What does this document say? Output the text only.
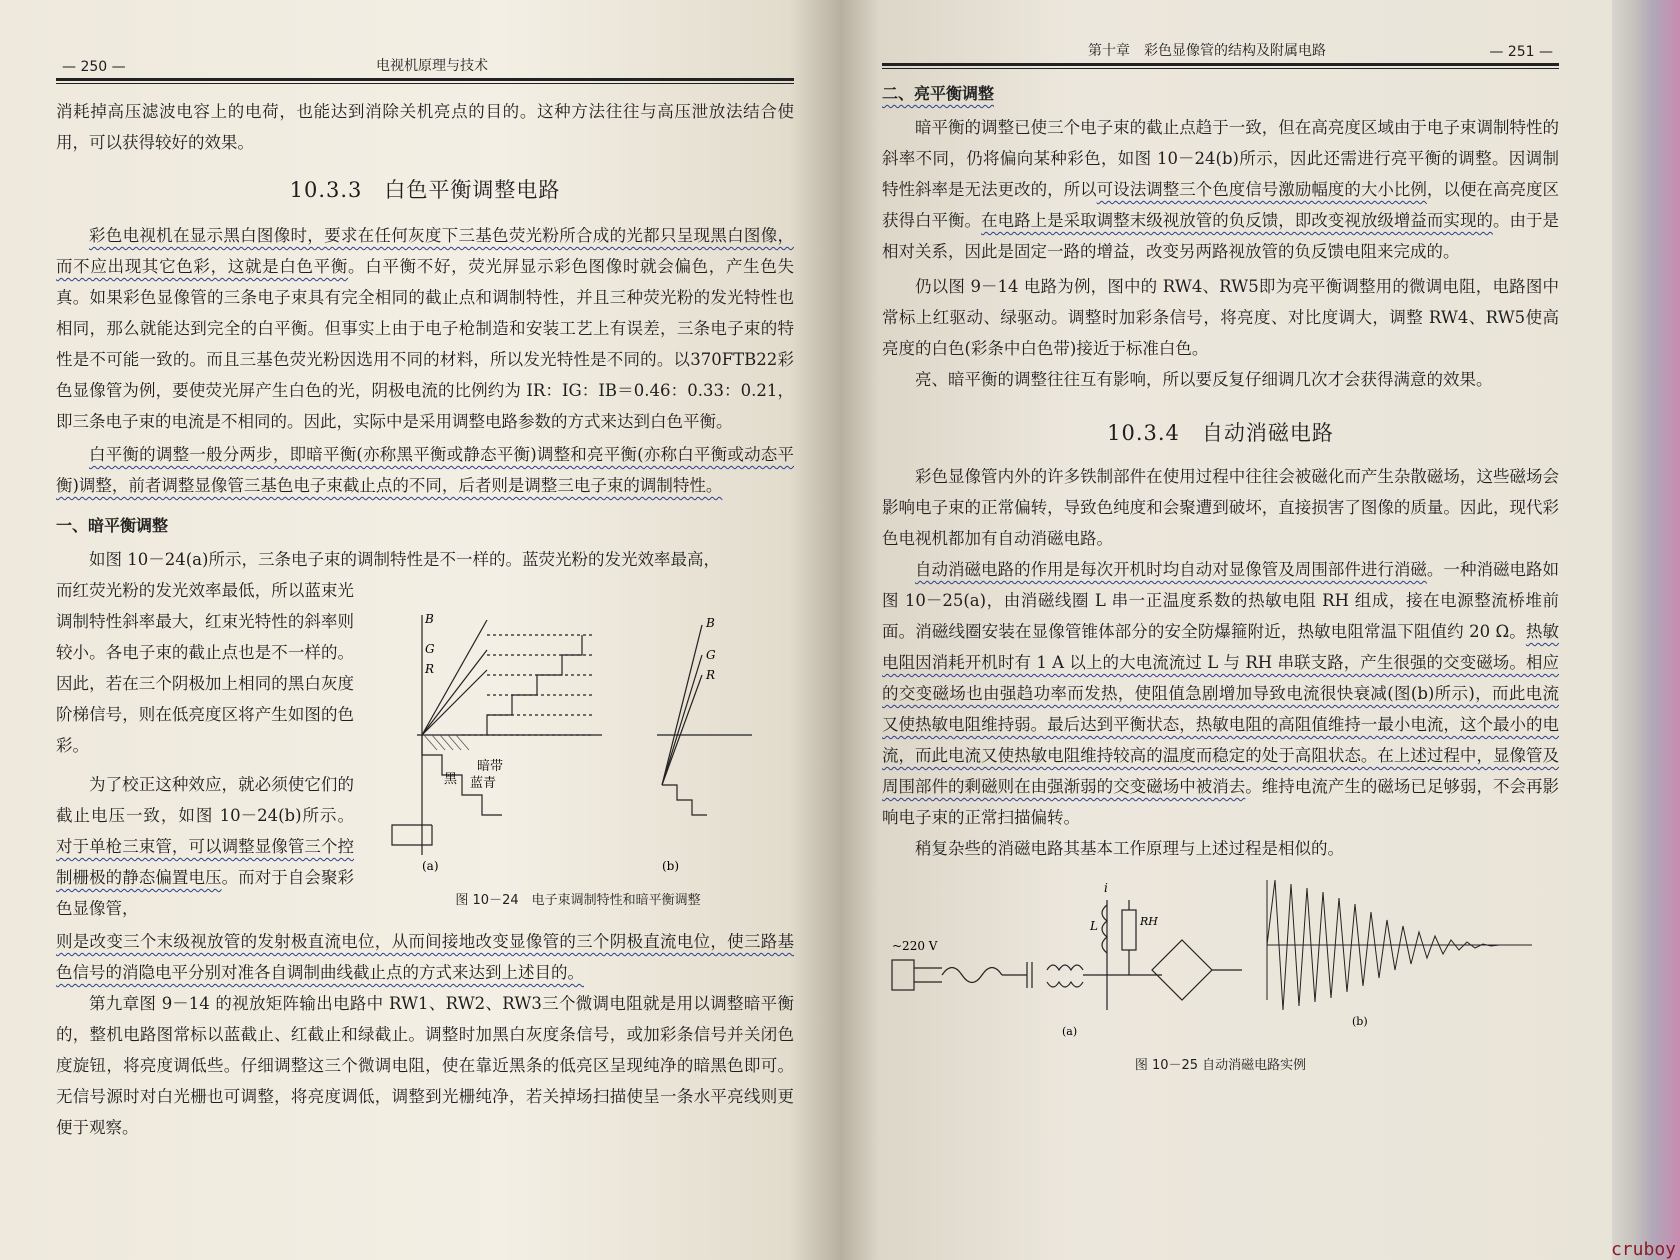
— 250 —	电视机原理与技术

消耗掉高压滤波电容上的电荷，也能达到消除关机亮点的目的。这种方法往往与高压泄放法结合使用，可以获得较好的效果。

10.3.3　白色平衡调整电路

彩色电视机在显示黑白图像时，要求在任何灰度下三基色荧光粉所合成的光都只呈现黑白图像，而不应出现其它色彩，这就是白色平衡。白平衡不好，荧光屏显示彩色图像时就会偏色，产生色失真。如果彩色显像管的三条电子束具有完全相同的截止点和调制特性，并且三种荧光粉的发光特性也相同，那么就能达到完全的白平衡。但事实上由于电子枪制造和安装工艺上有误差，三条电子束的特性是不可能一致的。而且三基色荧光粉因选用不同的材料，所以发光特性是不同的。以370FTB22彩色显像管为例，要使荧光屏产生白色的光，阴极电流的比例约为 IR：IG：IB＝0.46：0.33：0.21，即三条电子束的电流是不相同的。因此，实际中是采用调整电路参数的方式来达到白色平衡。

白平衡的调整一般分两步，即暗平衡(亦称黑平衡或静态平衡)调整和亮平衡(亦称白平衡或动态平衡)调整，前者调整显像管三基色电子束截止点的不同，后者则是调整三电子束的调制特性。

一、暗平衡调整

如图 10－24(a)所示，三条电子束的调制特性是不一样的。蓝荧光粉的发光效率最高，

而红荧光粉的发光效率最低，所以蓝束光调制特性斜率最大，红束光特性的斜率则较小。各电子束的截止点也是不一样的。因此，若在三个阴极加上相同的黑白灰度阶梯信号，则在低亮度区将产生如图的色彩。

为了校正这种效应，就必须使它们的截止电压一致，如图 10－24(b)所示。对于单枪三束管，可以调整显像管三个控制栅极的静态偏置电压。而对于自会聚彩色显像管，

B
G
R
暗带
黑 蓝青
B
G
R
(a)	(b)
图 10－24　电子束调制特性和暗平衡调整

则是改变三个末级视放管的发射极直流电位，从而间接地改变显像管的三个阴极直流电位，使三路基色信号的消隐电平分别对准各自调制曲线截止点的方式来达到上述目的。

第九章图 9－14 的视放矩阵输出电路中 RW1、RW2、RW3三个微调电阻就是用以调整暗平衡的，整机电路图常标以蓝截止、红截止和绿截止。调整时加黑白灰度条信号，或加彩条信号并关闭色度旋钮，将亮度调低些。仔细调整这三个微调电阻，使在靠近黑条的低亮区呈现纯净的暗黑色即可。无信号源时对白光栅也可调整，将亮度调低，调整到光栅纯净，若关掉场扫描使呈一条水平亮线则更便于观察。

第十章　彩色显像管的结构及附属电路	— 251 —
二、亮平衡调整

暗平衡的调整已使三个电子束的截止点趋于一致，但在高亮度区域由于电子束调制特性的斜率不同，仍将偏向某种彩色，如图 10－24(b)所示，因此还需进行亮平衡的调整。因调制特性斜率是无法更改的，所以可设法调整三个色度信号激励幅度的大小比例，以便在高亮度区获得白平衡。在电路上是采取调整末级视放管的负反馈，即改变视放级增益而实现的。由于是相对关系，因此是固定一路的增益，改变另两路视放管的负反馈电阻来完成的。

仍以图 9－14 电路为例，图中的 RW4、RW5即为亮平衡调整用的微调电阻，电路图中常标上红驱动、绿驱动。调整时加彩条信号，将亮度、对比度调大，调整 RW4、RW5使高亮度的白色(彩条中白色带)接近于标准白色。

亮、暗平衡的调整往往互有影响，所以要反复仔细调几次才会获得满意的效果。

10.3.4　自动消磁电路

彩色显像管内外的许多铁制部件在使用过程中往往会被磁化而产生杂散磁场，这些磁场会影响电子束的正常偏转，导致色纯度和会聚遭到破坏，直接损害了图像的质量。因此，现代彩色电视机都加有自动消磁电路。

自动消磁电路的作用是每次开机时均自动对显像管及周围部件进行消磁。一种消磁电路如图 10－25(a)，由消磁线圈 L 串一正温度系数的热敏电阻 RH 组成，接在电源整流桥堆前面。消磁线圈安装在显像管锥体部分的安全防爆箍附近，热敏电阻常温下阻值约 20 Ω。热敏电阻因消耗开机时有 1 A 以上的大电流流过 L 与 RH 串联支路，产生很强的交变磁场。相应的交变磁场也由强趋功率而发热，使阻值急剧增加导致电流很快衰减(图(b)所示)，而此电流又使热敏电阻维持弱。最后达到平衡状态，热敏电阻的高阻值维持一最小电流，这个最小的电流，而此电流又使热敏电阻维持较高的温度而稳定的处于高阻状态。在上述过程中，显像管及周围部件的剩磁则在由强渐弱的交变磁场中被消去。维持电流产生的磁场已足够弱，不会再影响电子束的正常扫描偏转。

稍复杂些的消磁电路其基本工作原理与上述过程是相似的。

~220 V
i
L	RH
(a)
(b)
图 10－25 自动消磁电路实例
cruboy
